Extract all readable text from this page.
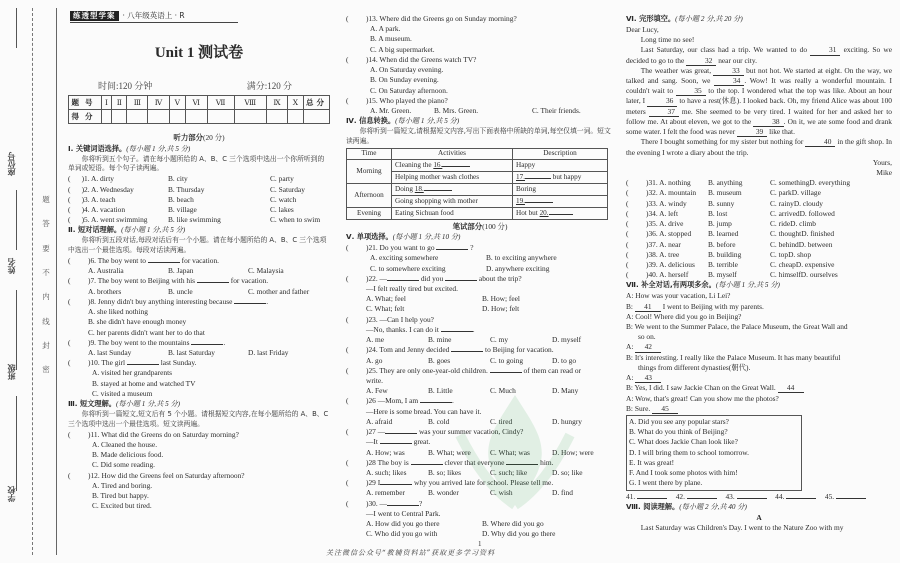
座位号
姓名
班级
学校
题
答
要
不
内
线
封
密
练透型学案 · 八年级英语上 · R
Unit 1 测试卷
时间:120 分钟	满分:120 分
题号	Ⅰ	Ⅱ	Ⅲ	Ⅳ	Ⅴ	Ⅵ	Ⅶ	Ⅷ	Ⅸ	Ⅹ	总分
得分											
听力部分(20 分)
Ⅰ. 关键词语选择。(每小题 1 分,共 5 分)
你将听到五个句子。请在每小题所给的 A、B、C 三个选项中选出一个你所听到的单词或短语。每个句子读两遍。
(      )1. A. dirty	B. city	C. party
(      )2. A. Wednesday	B. Thursday	C. Saturday
(      )3. A. teach	B. beach	C. watch
(      )4. A. vacation	B. village	C. lakes
(      )5. A. went swimming	B. like swimming	C. when to swim
Ⅱ. 短对话理解。(每小题 1 分,共 5 分)
你将听到五段对话,每段对话后有一个小题。请在每小题所给的 A、B、C 三个选项中选出一个最佳选项。每段对话读两遍。
(	)6. The boy went to	for vacation.
A. Australia	B. Japan	C. Malaysia
(	)7. The boy went to Beijing with his	for vacation.
A. brothers	B. uncle	C. mother and father
(	)8. Jenny didn't buy anything interesting because	.
A. she liked nothing
B. she didn't have enough money
C. her parents didn't want her to do that
(	)9. The boy went to the mountains	.
A. last Sunday	B. last Saturday	D. last Friday
(	)10. The girl	last Sunday.
A. visited her grandparents
B. stayed at home and watched TV
C. visited a museum
Ⅲ. 短文理解。(每小题 1 分,共 5 分)
你将听到一篇短文,短文后有 5 个小题。请根据短文内容,在每小题所给的 A、B、C 三个选项中选出一个最佳选项。短文读两遍。
(	)11. What did the Greens do on Saturday morning?
A. Cleaned the house.
B. Made delicious food.
C. Did some reading.
(	)12. How did the Greens feel on Saturday afternoon?
A. Tired and boring.
B. Tired but happy.
C. Excited but tired.
(	)13. Where did the Greens go on Sunday morning?
A. A park.
B. A museum.
C. A big supermarket.
(	)14. When did the Greens watch TV?
A. On Saturday evening.
B. On Sunday evening.
C. On Saturday afternoon.
(	)15. Who played the piano?
A. Mr. Green.	B. Mrs. Green.	C. Their friends.
Ⅳ. 信息转换。(每小题 1 分,共 5 分)
你将听到一篇短文,请根据短文内容,写出下面表格中所缺的单词,每空仅填一词。短文读两遍。
Time	Activities	Description
Morning	Cleaning the 16.	Happy
	Helping mother wash clothes	17. but happy
Afternoon	Doing 18.	Boring
	Going shopping with mother	19.
Evening	Eating Sichuan food	Hot but 20.
笔试部分(100 分)
Ⅴ. 单项选择。(每小题 1 分,共 10 分)
(	)21. Do you want to go	?
A. exciting somewhere	B. to exciting anywhere
C. to somewhere exciting	D. anywhere exciting
(	)22. —	did you	about the trip?
—I felt really tired but excited.
A. What; feel	B. How; feel
C. What; felt	D. How; felt
(	)23. —Can I help you?
—No, thanks. I can do it	.
A. me	B. mine	C. my	D. myself
(	)24. Tom and Jenny decided	to Beijing for vacation.
A. go	B. goes	C. to going	D. to go
(	)25. They are only one-year-old children.	of them can read or
write.
A. Few	B. Little	C. Much	D. Many
(	)26 —Mom, I am	.
—Here is some bread. You can have it.
A. afraid	B. cold	C. tired	D. hungry
(	)27 —	was your summer vacation, Cindy?
—It	great.
A. How; was	B. What; were	C. What; was	D. How; were
(	)28 The boy is	clever that everyone	him.
A. such; likes	B. so; likes	C. such; like	D. so; like
(	)29 I	why you arrived late for school. Please tell me.
A. remember	B. wonder	C. wish	D. find
(	)30. —	?
—I went to Central Park.
A. How did you go there	B. Where did you go
C. Who did you go with	D. Why did you go there
Ⅵ. 完形填空。(每小题 2 分,共 20 分)
Dear Lucy,
Long time no see!
Last Saturday, our class had a trip. We wanted to do	31 exciting. So we decided to go to the	32 near our city.
The weather was great,	33 but not hot. We started at eight. On the way, we talked and sang. Soon, we	34 . Wow! It was really a wonderful mountain. I couldn't wait to	35 to the top. I wondered what the top was like. About an hour later, I	36 to have a rest(休息). I looked back. Oh, my friend Alice was about 100 meters	37 me. She seemed to be very tired. I waited for her and asked her to follow me. At about eleven, we got to the	38 . On it, we ate some food and drank some water. I felt the food was never	39 like that.
There I bought something for my sister but nothing for	40 in the gift shop. In the evening I wrote a diary about the trip.
Yours,
Mike
(	)31. A. nothing	B. anything	C. something D. everything
(	)32. A. mountain	B. museum	C. park D. village
(	)33. A. windy	B. sunny	C. rainy D. cloudy
(	)34. A. left	B. lost	C. arrived D. followed
(	)35. A. drive	B. jump	C. ride D. climb
(	)36. A. stopped	B. learned	C. thought D. finished
(	)37. A. near	B. before	C. behind D. between
(	)38. A. tree	B. building	C. top D. shop
(	)39. A. delicious	B. terrible	C. cheap D. expensive
(	)40. A. herself	B. myself	C. himself D. ourselves
Ⅶ. 补全对话,有两项多余。(每小题 1 分,共 5 分)
A: How was your vacation, Li Lei?
B: 41 I went to Beijing with my parents.
A: Cool! Where did you go in Beijing?
B: We went to the Summer Palace, the Palace Museum, the Great Wall and
so on.
A: 42
B: It's interesting. I really like the Palace Museum. It has many beautiful
things from different dynasties(朝代).
A: 43
B: Yes, I did. I saw Jackie Chan on the Great Wall. 44
A: Wow, that's great! Can you show me the photos?
B: Sure. 45
A. Did you see any popular stars?
B. What do you think of Beijing?
C. What does Jackie Chan look like?
D. I will bring them to school tomorrow.
E. It was great!
F. And I took some photos with him!
G. I went there by plane.
41.	42.	43.	44.	45.
Ⅷ. 阅读理解。(每小题 2 分,共 40 分)
A
Last Saturday was Children's Day. I went to the Nature Zoo with my
1
关注微信公众号“教辅资料站”获取更多学习资料
